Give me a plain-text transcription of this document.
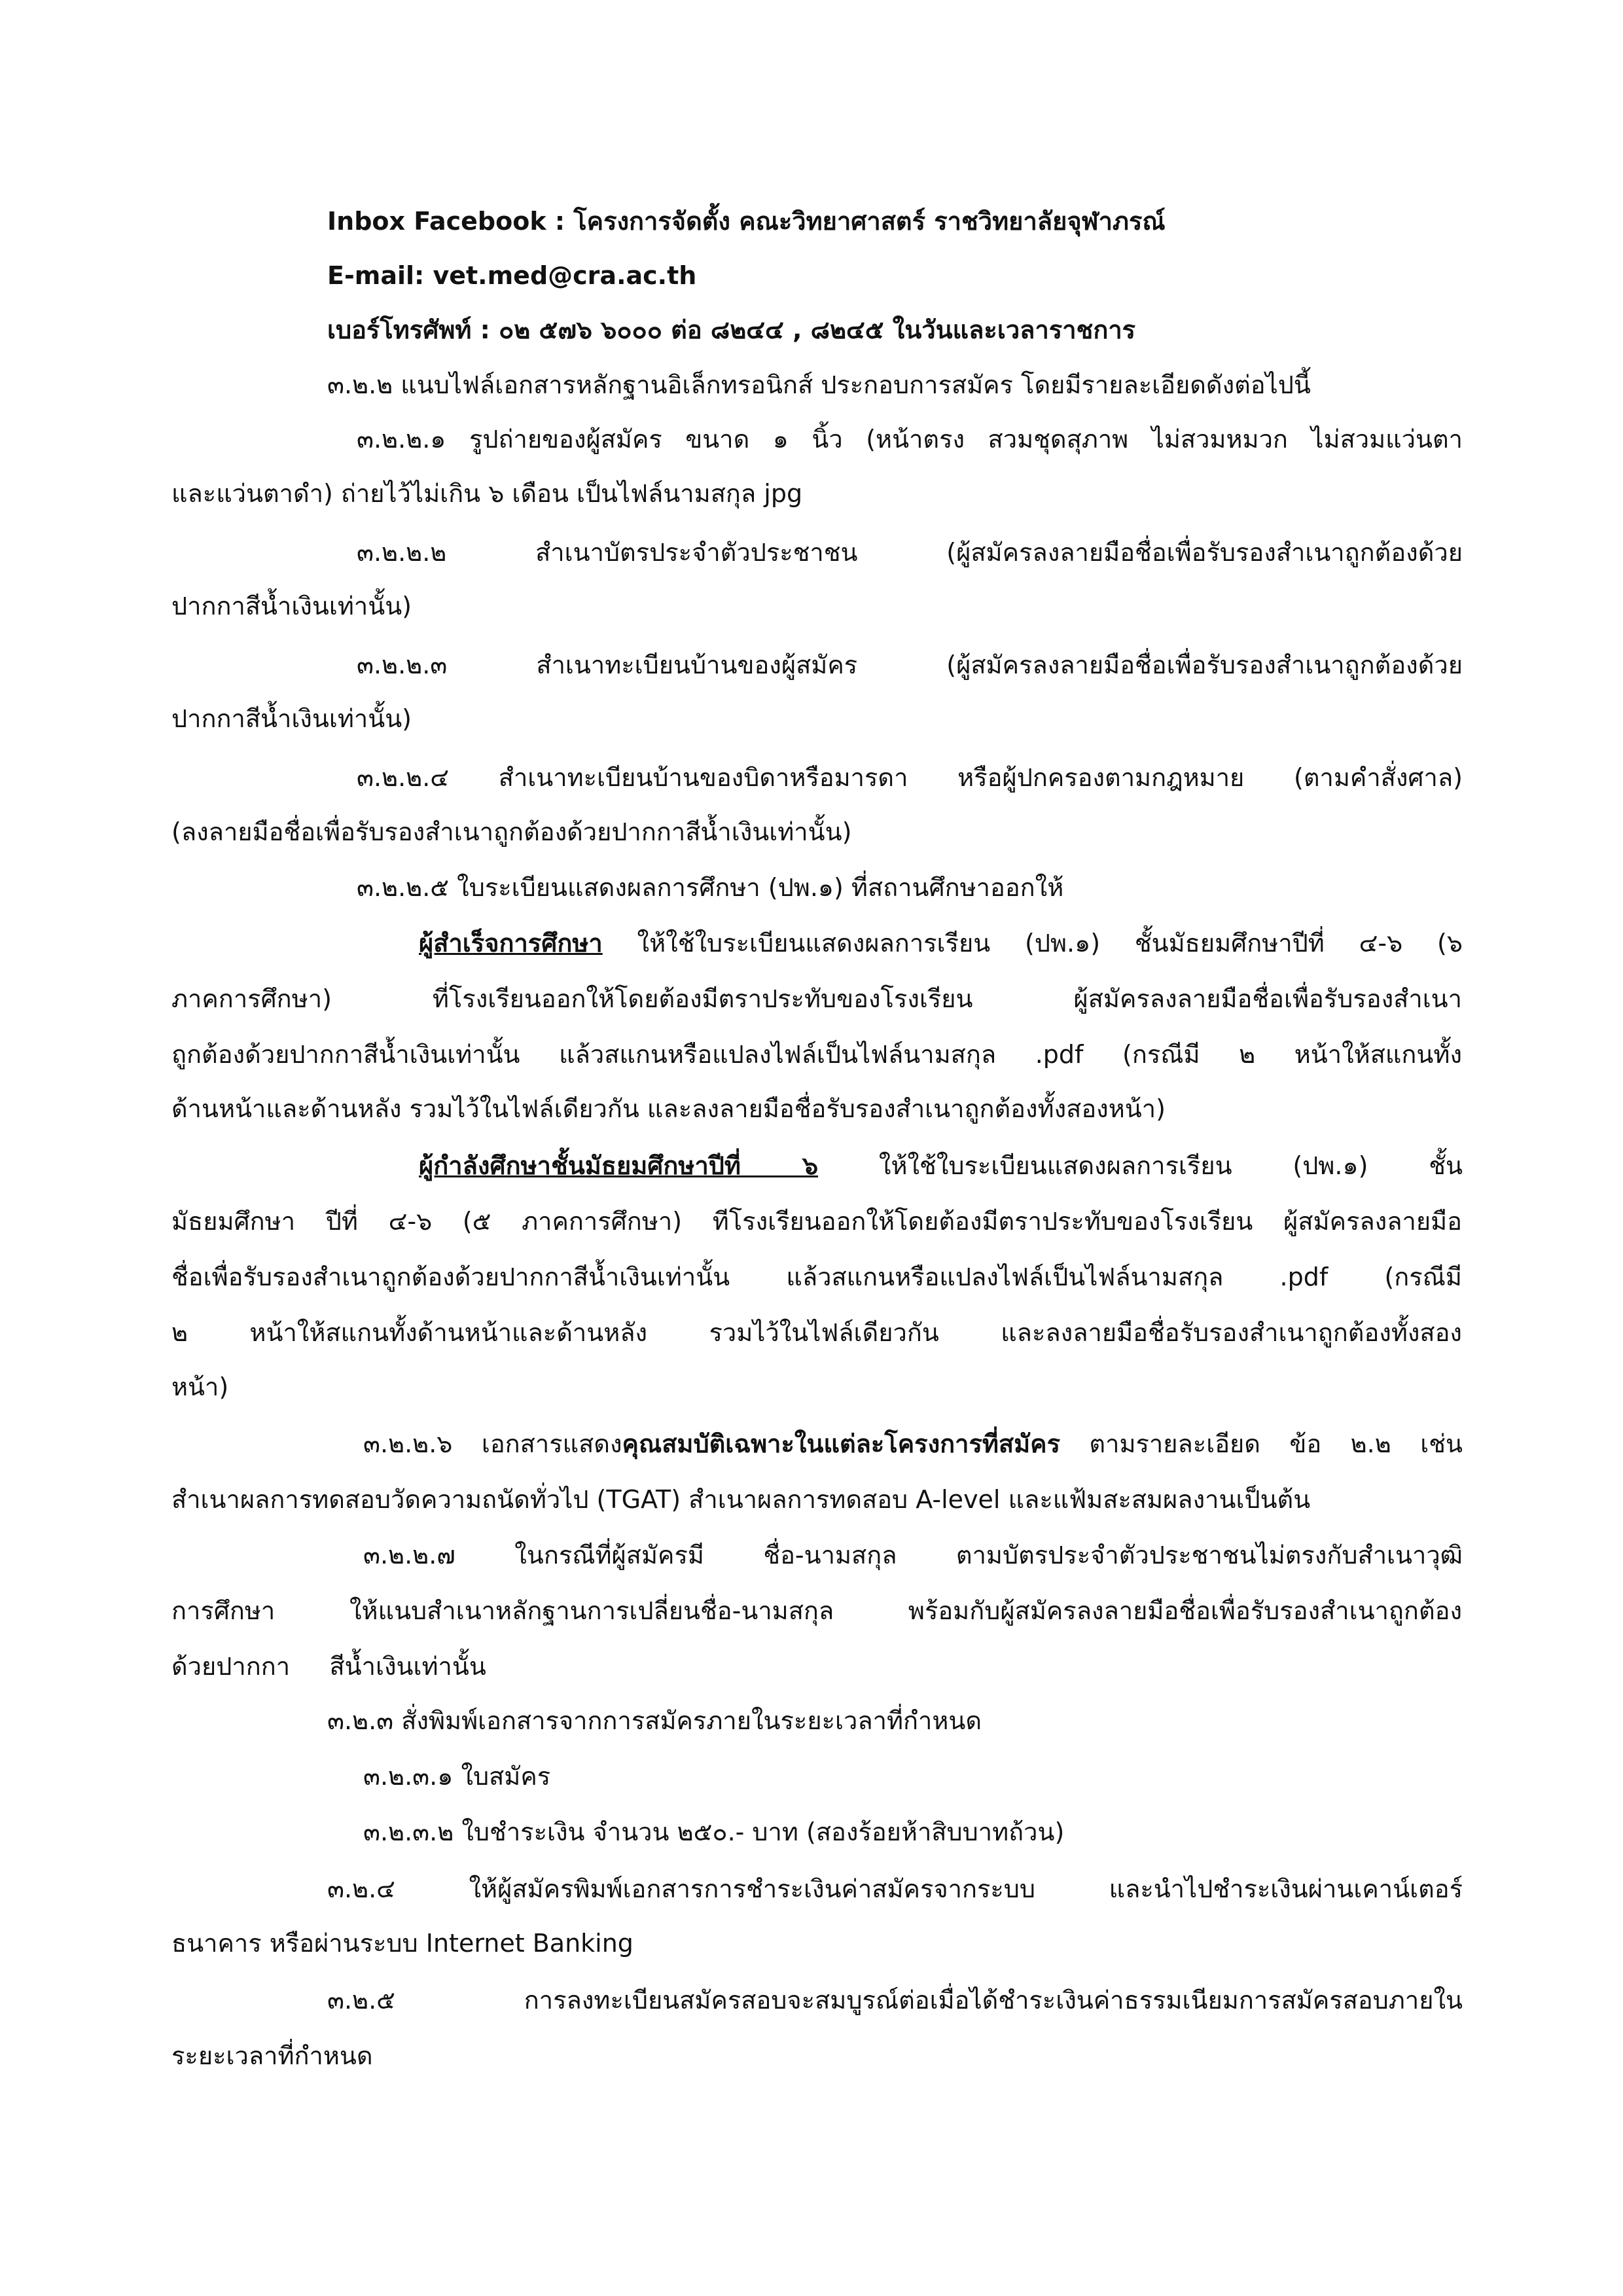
Inbox Facebook : โครงการจัดตั้ง คณะวิทยาศาสตร์ ราชวิทยาลัยจุฬาภรณ์
E-mail: vet.med@cra.ac.th
เบอร์โทรศัพท์ : ๐๒ ๕๗๖ ๖๐๐๐ ต่อ ๘๒๔๔ , ๘๒๔๕ ในวันและเวลาราชการ
๓.๒.๒ แนบไฟล์เอกสารหลักฐานอิเล็กทรอนิกส์ ประกอบการสมัคร โดยมีรายละเอียดดังต่อไปนี้
๓.๒.๒.๑ รูปถ่ายของผู้สมัคร ขนาด ๑ นิ้ว (หน้าตรง สวมชุดสุภาพ ไม่สวมหมวก ไม่สวมแว่นตา
และแว่นตาดำ) ถ่ายไว้ไม่เกิน ๖ เดือน เป็นไฟล์นามสกุล jpg
๓.๒.๒.๒ สำเนาบัตรประจำตัวประชาชน (ผู้สมัครลงลายมือชื่อเพื่อรับรองสำเนาถูกต้องด้วย
ปากกาสีน้ำเงินเท่านั้น)
๓.๒.๒.๓ สำเนาทะเบียนบ้านของผู้สมัคร (ผู้สมัครลงลายมือชื่อเพื่อรับรองสำเนาถูกต้องด้วย
ปากกาสีน้ำเงินเท่านั้น)
๓.๒.๒.๔ สำเนาทะเบียนบ้านของบิดาหรือมารดา หรือผู้ปกครองตามกฎหมาย (ตามคำสั่งศาล)
(ลงลายมือชื่อเพื่อรับรองสำเนาถูกต้องด้วยปากกาสีน้ำเงินเท่านั้น)
๓.๒.๒.๕ ใบระเบียนแสดงผลการศึกษา (ปพ.๑) ที่สถานศึกษาออกให้
ผู้สำเร็จการศึกษา ให้ใช้ใบระเบียนแสดงผลการเรียน (ปพ.๑) ชั้นมัธยมศึกษาปีที่ ๔-๖ (๖
ภาคการศึกษา) ที่โรงเรียนออกให้โดยต้องมีตราประทับของโรงเรียน ผู้สมัครลงลายมือชื่อเพื่อรับรองสำเนา
ถูกต้องด้วยปากกาสีน้ำเงินเท่านั้น แล้วสแกนหรือแปลงไฟล์เป็นไฟล์นามสกุล .pdf (กรณีมี ๒ หน้าให้สแกนทั้ง
ด้านหน้าและด้านหลัง รวมไว้ในไฟล์เดียวกัน และลงลายมือชื่อรับรองสำเนาถูกต้องทั้งสองหน้า)
ผู้กำลังศึกษาชั้นมัธยมศึกษาปีที่ ๖ ให้ใช้ใบระเบียนแสดงผลการเรียน (ปพ.๑) ชั้น
มัธยมศึกษา ปีที่ ๔-๖ (๕ ภาคการศึกษา) ทีโรงเรียนออกให้โดยต้องมีตราประทับของโรงเรียน ผู้สมัครลงลายมือ
ชื่อเพื่อรับรองสำเนาถูกต้องด้วยปากกาสีน้ำเงินเท่านั้น แล้วสแกนหรือแปลงไฟล์เป็นไฟล์นามสกุล .pdf (กรณีมี
๒ หน้าให้สแกนทั้งด้านหน้าและด้านหลัง รวมไว้ในไฟล์เดียวกัน และลงลายมือชื่อรับรองสำเนาถูกต้องทั้งสอง
หน้า)
๓.๒.๒.๖ เอกสารแสดงคุณสมบัติเฉพาะในแต่ละโครงการที่สมัคร ตามรายละเอียด ข้อ ๒.๒ เช่น
สำเนาผลการทดสอบวัดความถนัดทั่วไป (TGAT) สำเนาผลการทดสอบ A-level และแฟ้มสะสมผลงานเป็นต้น
๓.๒.๒.๗ ในกรณีที่ผู้สมัครมี ชื่อ-นามสกุล ตามบัตรประจำตัวประชาชนไม่ตรงกับสำเนาวุฒิ
การศึกษา ให้แนบสำเนาหลักฐานการเปลี่ยนชื่อ-นามสกุล พร้อมกับผู้สมัครลงลายมือชื่อเพื่อรับรองสำเนาถูกต้อง
ด้วยปากกา     สีน้ำเงินเท่านั้น
๓.๒.๓ สั่งพิมพ์เอกสารจากการสมัครภายในระยะเวลาที่กำหนด
๓.๒.๓.๑ ใบสมัคร
๓.๒.๓.๒ ใบชำระเงิน จำนวน ๒๕๐.- บาท (สองร้อยห้าสิบบาทถ้วน)
๓.๒.๔ ให้ผู้สมัครพิมพ์เอกสารการชำระเงินค่าสมัครจากระบบ และนำไปชำระเงินผ่านเคาน์เตอร์
ธนาคาร หรือผ่านระบบ Internet Banking
๓.๒.๕ การลงทะเบียนสมัครสอบจะสมบูรณ์ต่อเมื่อได้ชำระเงินค่าธรรมเนียมการสมัครสอบภายใน
ระยะเวลาที่กำหนด
